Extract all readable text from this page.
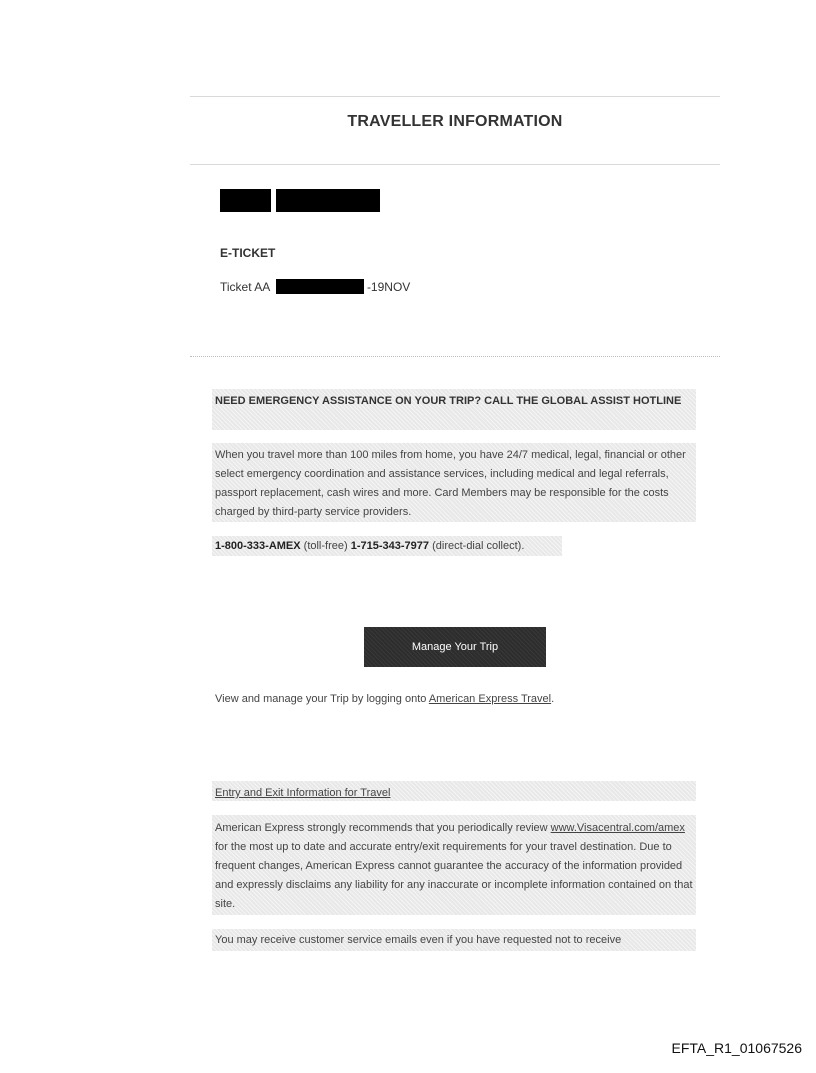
TRAVELLER INFORMATION
E-TICKET
Ticket AA	-19NOV
NEED EMERGENCY ASSISTANCE ON YOUR TRIP? CALL THE GLOBAL ASSIST HOTLINE
When you travel more than 100 miles from home, you have 24/7 medical, legal, financial or other select emergency coordination and assistance services, including medical and legal referrals, passport replacement, cash wires and more. Card Members may be responsible for the costs charged by third-party service providers.
1-800-333-AMEX (toll-free) 1-715-343-7977 (direct-dial collect).
Manage Your Trip
View and manage your Trip by logging onto American Express Travel.
Entry and Exit Information for Travel
American Express strongly recommends that you periodically review www.Visacentral.com/amex for the most up to date and accurate entry/exit requirements for your travel destination. Due to frequent changes, American Express cannot guarantee the accuracy of the information provided and expressly disclaims any liability for any inaccurate or incomplete information contained on that site.
You may receive customer service emails even if you have requested not to receive
EFTA_R1_01067526
